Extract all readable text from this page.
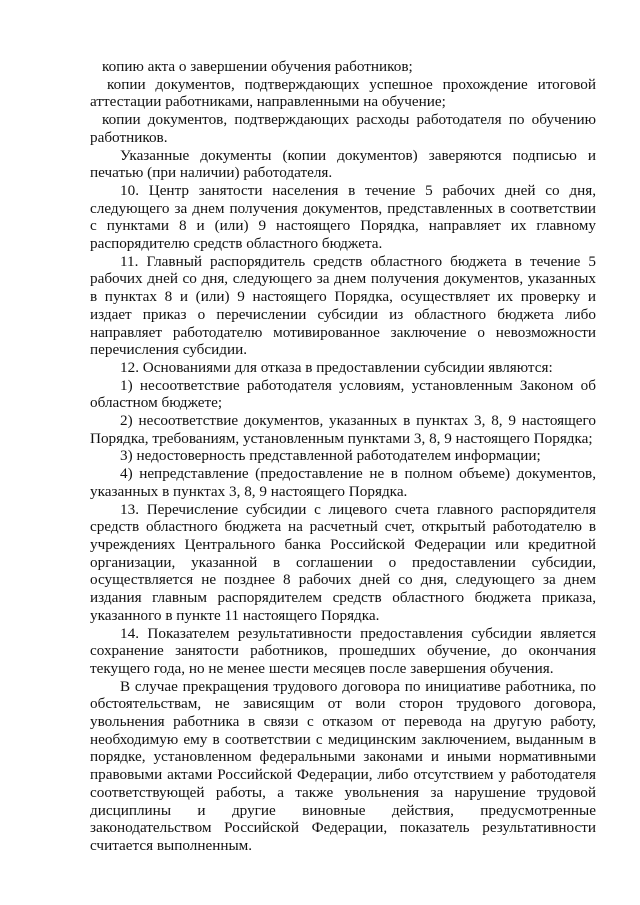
копию акта о завершении обучения работников;

копии документов, подтверждающих успешное прохождение итоговой аттестации работниками, направленными на обучение;

копии документов, подтверждающих расходы работодателя по обучению работников.

Указанные документы (копии документов) заверяются подписью и печатью (при наличии) работодателя.

10. Центр занятости населения в течение 5 рабочих дней со дня, следующего за днем получения документов, представленных в соответствии с пунктами 8 и (или) 9 настоящего Порядка, направляет их главному распорядителю средств областного бюджета.

11. Главный распорядитель средств областного бюджета в течение 5 рабочих дней со дня, следующего за днем получения документов, указанных в пунктах 8 и (или) 9 настоящего Порядка, осуществляет их проверку и издает приказ о перечислении субсидии из областного бюджета либо направляет работодателю мотивированное заключение о невозможности перечисления субсидии.

12. Основаниями для отказа в предоставлении субсидии являются:

1) несоответствие работодателя условиям, установленным Законом об областном бюджете;

2) несоответствие документов, указанных в пунктах 3, 8, 9 настоящего Порядка, требованиям, установленным пунктами 3, 8, 9 настоящего Порядка;

3) недостоверность представленной работодателем информации;

4) непредставление (предоставление не в полном объеме) документов, указанных в пунктах 3, 8, 9 настоящего Порядка.

13. Перечисление субсидии с лицевого счета главного распорядителя средств областного бюджета на расчетный счет, открытый работодателю в учреждениях Центрального банка Российской Федерации или кредитной организации, указанной в соглашении о предоставлении субсидии, осуществляется не позднее 8 рабочих дней со дня, следующего за днем издания главным распорядителем средств областного бюджета приказа, указанного в пункте 11 настоящего Порядка.

14. Показателем результативности предоставления субсидии является сохранение занятости работников, прошедших обучение, до окончания текущего года, но не менее шести месяцев после завершения обучения.

В случае прекращения трудового договора по инициативе работника, по обстоятельствам, не зависящим от воли сторон трудового договора, увольнения работника в связи с отказом от перевода на другую работу, необходимую ему в соответствии с медицинским заключением, выданным в порядке, установленном федеральными законами и иными нормативными правовыми актами Российской Федерации, либо отсутствием у работодателя соответствующей работы, а также увольнения за нарушение трудовой дисциплины и другие виновные действия, предусмотренные законодательством Российской Федерации, показатель результативности считается выполненным.
